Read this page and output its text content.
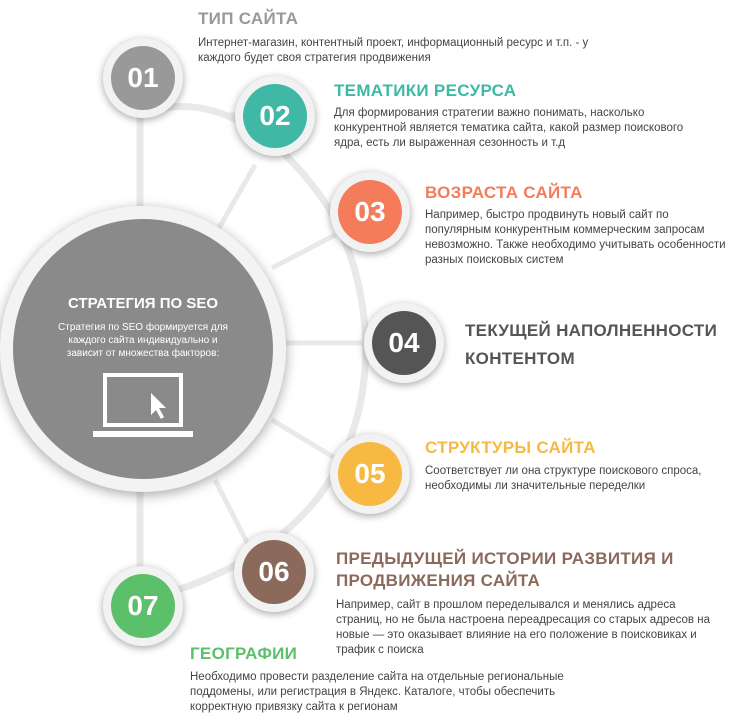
СТРАТЕГИЯ ПО SEO
Стратегия по SEO формируется для каждого сайта индивидуально и зависит от множества факторов:
01
ТИП САЙТА
Интернет-магазин, контентный проект, информационный ресурс и т.п. - у каждого будет своя стратегия продвижения
02
ТЕМАТИКИ РЕСУРСА
Для формирования стратегии важно понимать, насколько конкурентной является тематика сайта, какой размер поискового ядра, есть ли выраженная сезонность и т.д
03
ВОЗРАСТА САЙТА
Например, быстро продвинуть новый сайт по популярным конкурентным коммерческим запросам невозможно. Также необходимо учитывать особенности разных поисковых систем
04	ТЕКУЩЕЙ НАПОЛНЕННОСТИ КОНТЕНТОМ
05
СТРУКТУРЫ САЙТА
Соответствует ли она структуре поискового спроса, необходимы ли значительные переделки
06	ПРЕДЫДУЩЕЙ ИСТОРИИ РАЗВИТИЯ И ПРОДВИЖЕНИЯ САЙТА
Например, сайт в прошлом переделывался и менялись адреса страниц, но не была настроена переадресация со старых адресов на новые — это оказывает влияние на его положение в поисковиках и трафик с поиска
07
ГЕОГРАФИИ
Необходимо провести разделение сайта на отдельные региональные поддомены, или регистрация в Яндекс. Каталоге, чтобы обеспечить корректную привязку сайта к регионам
